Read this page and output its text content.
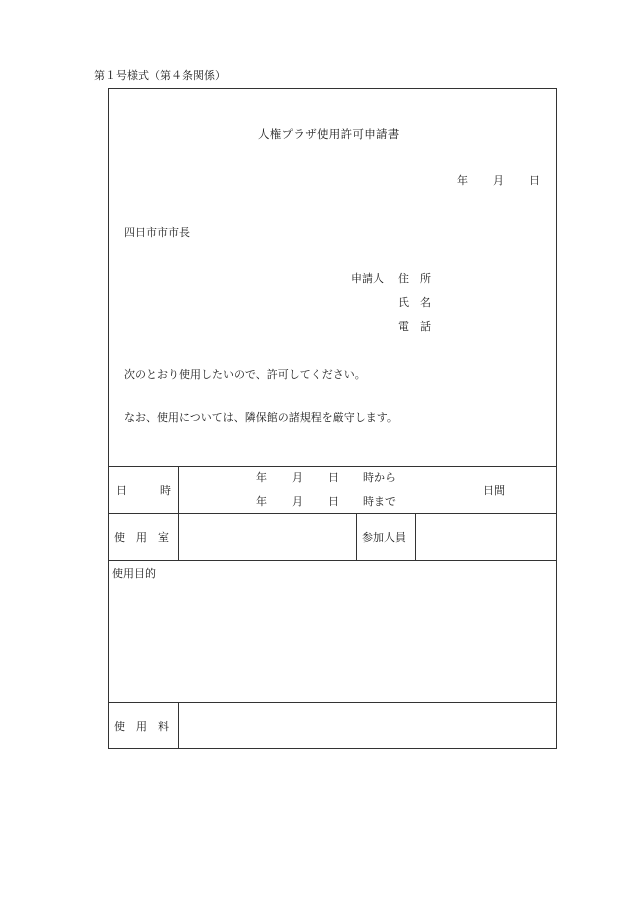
第１号様式（第４条関係）
人権プラザ使用許可申請書
年 月 日
四日市市市長
申請人 住　所
氏　名
電　話
次のとおり使用したいので、許可してください。
なお、使用については、隣保館の諸規程を厳守します。
日　　　時
年 月 日 時から
年 月 日 時まで
日間
使　用　室	参加人員
使用目的
使　用　料
